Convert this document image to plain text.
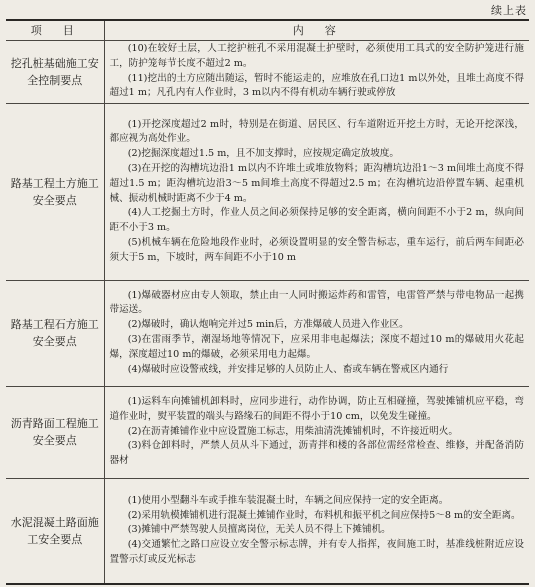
续上表
项　目	内　容
挖孔桩基础施工安全控制要点	(10)在较好土层，人工挖护桩孔不采用混凝土护壁时，必须使用工具式的安全防护笼进行施工，防护笼每节长度不超过2 m。

(11)挖出的土方应随出随运，暂时不能运走的，应堆放在孔口边1 m以外处，且堆土高度不得超过1 m；凡孔内有人作业时，3 m以内不得有机动车辆行驶或停放

路基工程土方施工安全要点	(1)开挖深度超过2 m时，特别是在街道、居民区、行车道附近开挖土方时，无论开挖深浅，都应视为高处作业。

(2)挖掘深度超过1.5 m，且不加支撑时，应按规定确定放坡度。

(3)在开挖的沟槽坑边沿1 m以内不许堆土或堆放物料；距沟槽坑边沿1～3 m间堆土高度不得超过1.5 m；距沟槽坑边沿3～5 m间堆土高度不得超过2.5 m；在沟槽坑边沿停置车辆、起重机械、振动机械时距离不少于4 m。

(4)人工挖掘土方时，作业人员之间必须保持足够的安全距离，横向间距不小于2 m，纵向间距不小于3 m。

(5)机械车辆在危险地段作业时，必须设置明显的安全警告标志，重车运行，前后两车间距必须大于5 m，下坡时，两车间距不小于10 m

路基工程石方施工安全要点	(1)爆破器材应由专人领取，禁止由一人同时搬运炸药和雷管，电雷管严禁与带电物品一起携带运送。

(2)爆破时，确认炮响完并过5 min后，方准爆破人员进入作业区。

(3)在雷雨季节，潮湿场地等情况下，应采用非电起爆法；深度不超过10 m的爆破用火花起爆，深度超过10 m的爆破，必须采用电力起爆。

(4)爆破时应设警戒线，并安排足够的人员防止人、畜或车辆在警戒区内通行

沥青路面工程施工安全要点	(1)运料车向摊铺机卸料时，应同步进行，动作协调，防止互相碰撞，驾驶摊铺机应平稳，弯道作业时，熨平装置的端头与路缘石的间距不得小于10 cm，以免发生碰撞。

(2)在沥青摊铺作业中应设置施工标志，用柴油清洗摊铺机时，不许接近明火。

(3)料仓卸料时，严禁人员从斗下通过，沥青拌和楼的各部位需经常检查、维修，并配备消防器材

水泥混凝土路面施工安全要点	(1)使用小型翻斗车或手推车装混凝土时，车辆之间应保持一定的安全距离。

(2)采用轨模摊铺机进行混凝土摊铺作业时，布料机和振平机之间应保持5～8 m的安全距离。

(3)摊铺中严禁驾驶人员擅离岗位，无关人员不得上下摊铺机。

(4)交通繁忙之路口应设立安全警示标志牌，并有专人指挥，夜间施工时，基准线桩附近应设置警示灯或反光标志
